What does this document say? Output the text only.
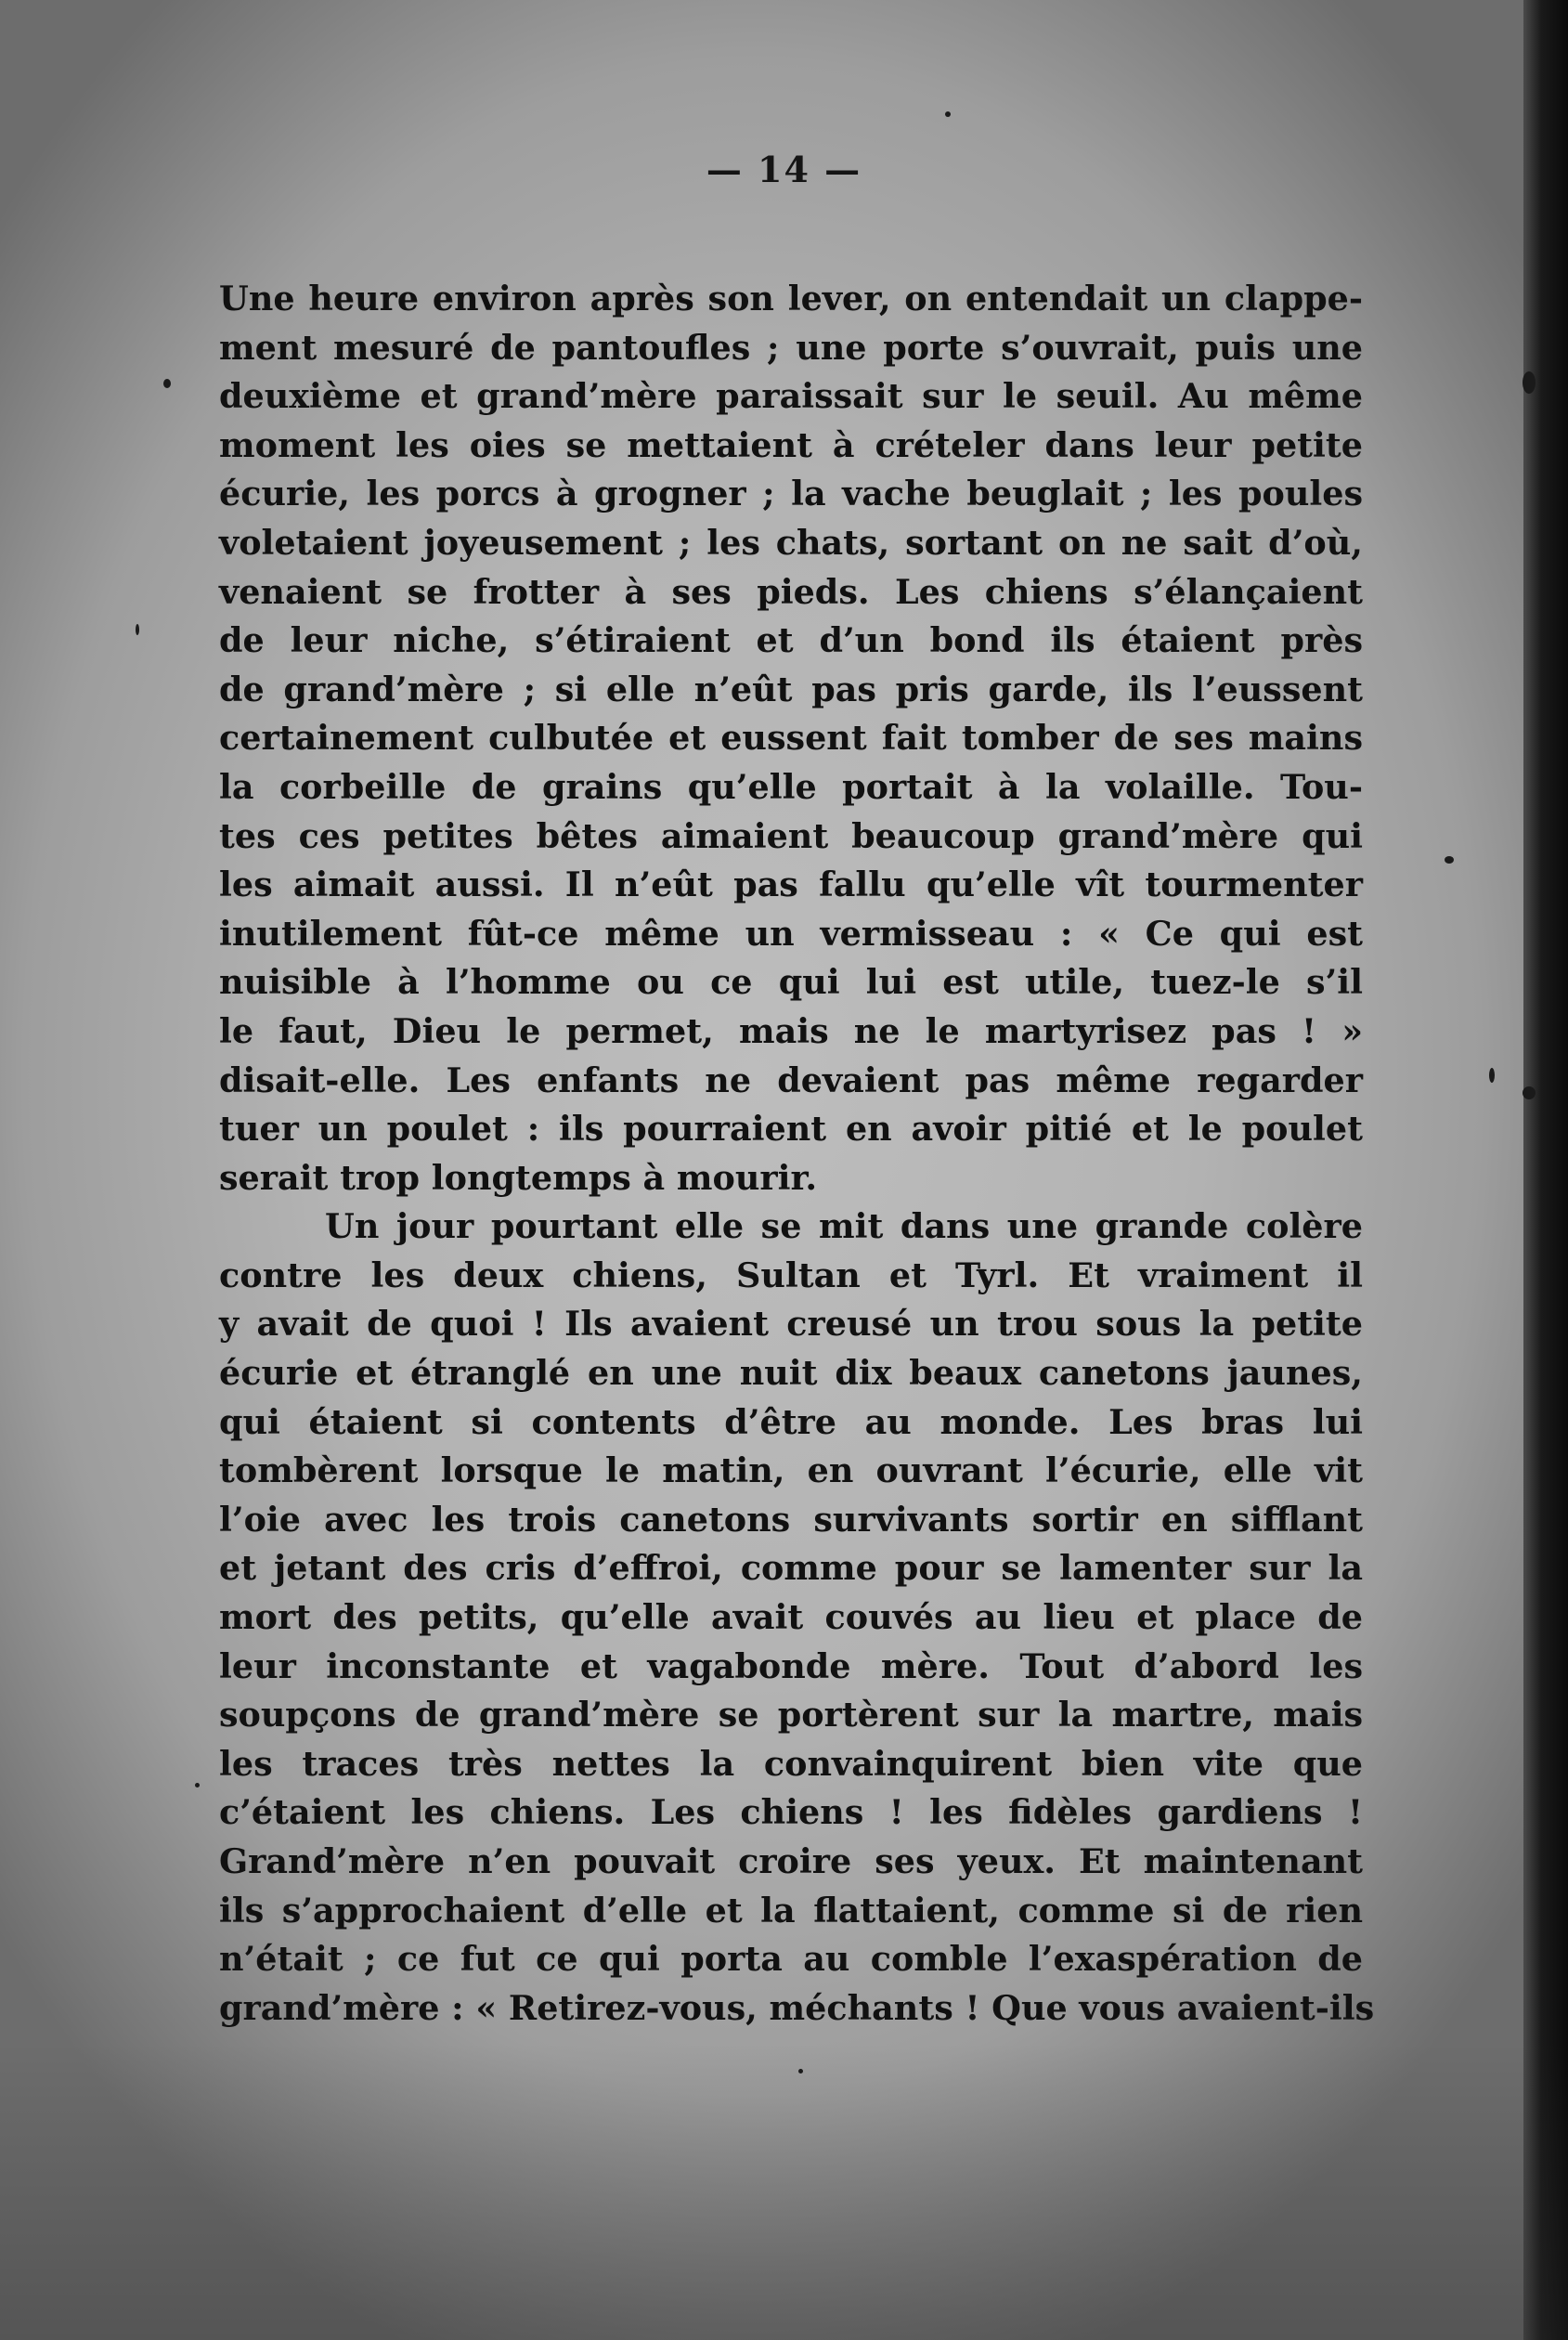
— 14 —
Une heure environ après son lever, on entendait un clappe-
ment mesuré de pantoufles ; une porte s’ouvrait, puis une
deuxième et grand’mère paraissait sur le seuil. Au même
moment les oies se mettaient à crételer dans leur petite
écurie, les porcs à grogner ; la vache beuglait ; les poules
voletaient joyeusement ; les chats, sortant on ne sait d’où,
venaient se frotter à ses pieds. Les chiens s’élançaient
de leur niche, s’étiraient et d’un bond ils étaient près
de grand’mère ; si elle n’eût pas pris garde, ils l’eussent
certainement culbutée et eussent fait tomber de ses mains
la corbeille de grains qu’elle portait à la volaille. Tou-
tes ces petites bêtes aimaient beaucoup grand’mère qui
les aimait aussi. Il n’eût pas fallu qu’elle vît tourmenter
inutilement fût-ce même un vermisseau : « Ce qui est
nuisible à l’homme ou ce qui lui est utile, tuez-le s’il
le faut, Dieu le permet, mais ne le martyrisez pas ! »
disait-elle. Les enfants ne devaient pas même regarder
tuer un poulet : ils pourraient en avoir pitié et le poulet
serait trop longtemps à mourir.
Un jour pourtant elle se mit dans une grande colère
contre les deux chiens, Sultan et Tyrl. Et vraiment il
y avait de quoi ! Ils avaient creusé un trou sous la petite
écurie et étranglé en une nuit dix beaux canetons jaunes,
qui étaient si contents d’être au monde. Les bras lui
tombèrent lorsque le matin, en ouvrant l’écurie, elle vit
l’oie avec les trois canetons survivants sortir en sifflant
et jetant des cris d’effroi, comme pour se lamenter sur la
mort des petits, qu’elle avait couvés au lieu et place de
leur inconstante et vagabonde mère. Tout d’abord les
soupçons de grand’mère se portèrent sur la martre, mais
les traces très nettes la convainquirent bien vite que
c’étaient les chiens. Les chiens ! les fidèles gardiens !
Grand’mère n’en pouvait croire ses yeux. Et maintenant
ils s’approchaient d’elle et la flattaient, comme si de rien
n’était ; ce fut ce qui porta au comble l’exaspération de
grand’mère : « Retirez-vous, méchants ! Que vous avaient-ils
